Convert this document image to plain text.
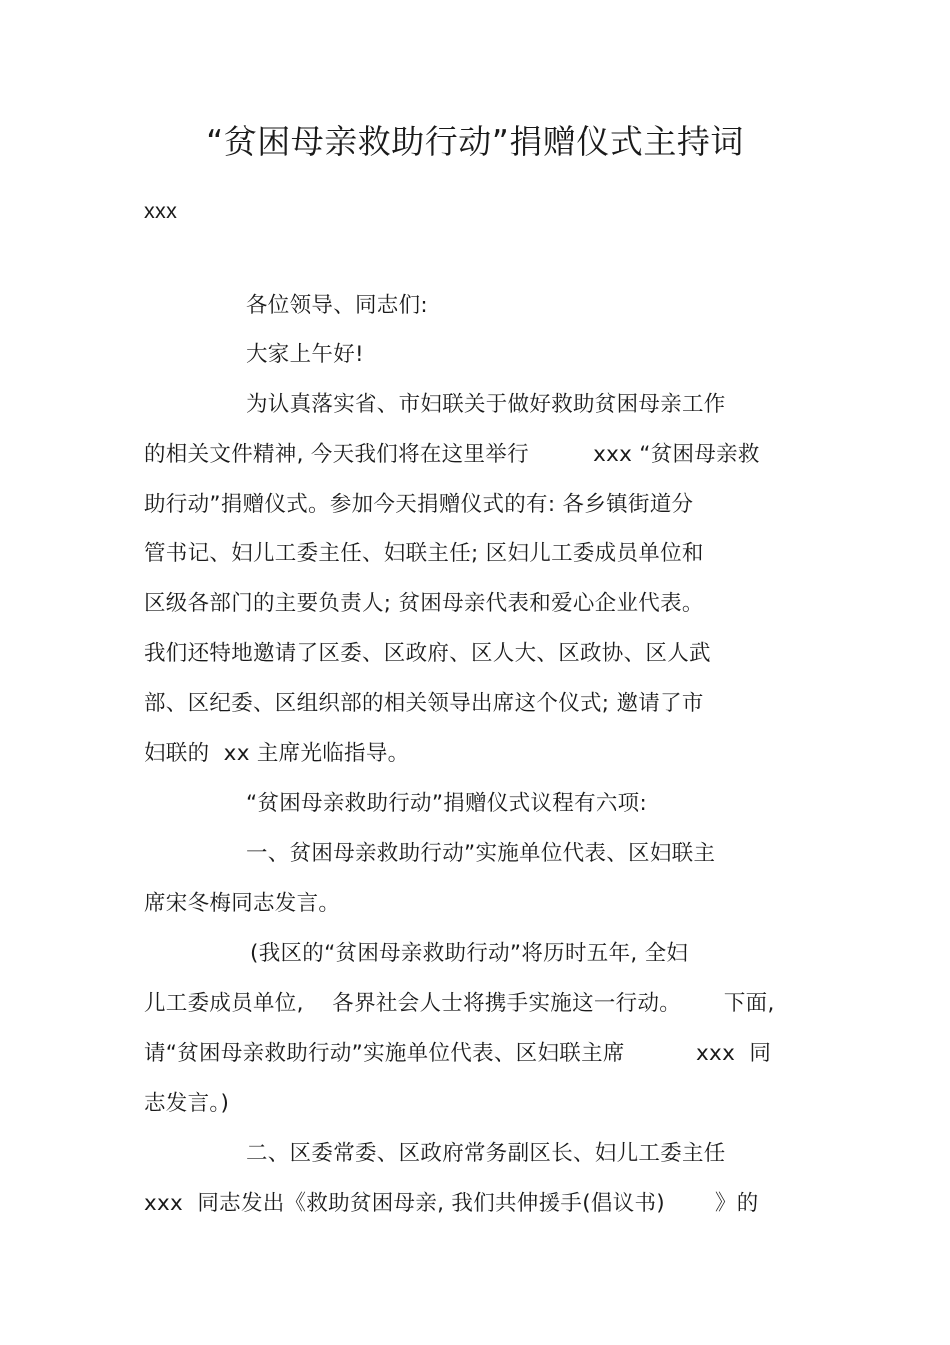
“贫困母亲救助行动”捐赠仪式主持词
xxx
各位领导、同志们:
大家上午好!
为认真落实省、市妇联关于做好救助贫困母亲工作
的相关文件精神, 今天我们将在这里举行         xxx “贫困母亲救
助行动”捐赠仪式。参加今天捐赠仪式的有: 各乡镇街道分
管书记、妇儿工委主任、妇联主任; 区妇儿工委成员单位和
区级各部门的主要负责人; 贫困母亲代表和爱心企业代表。
我们还特地邀请了区委、区政府、区人大、区政协、区人武
部、区纪委、区组织部的相关领导出席这个仪式; 邀请了市
妇联的  xx 主席光临指导。
“贫困母亲救助行动”捐赠仪式议程有六项:
一、贫困母亲救助行动”实施单位代表、区妇联主
席宋冬梅同志发言。
(我区的“贫困母亲救助行动”将历时五年, 全妇
儿工委成员单位,    各界社会人士将携手实施这一行动。      下面,
请“贫困母亲救助行动”实施单位代表、区妇联主席          xxx  同
志发言。)
二、区委常委、区政府常务副区长、妇儿工委主任
xxx  同志发出《救助贫困母亲, 我们共伸援手(倡议书)       》的
